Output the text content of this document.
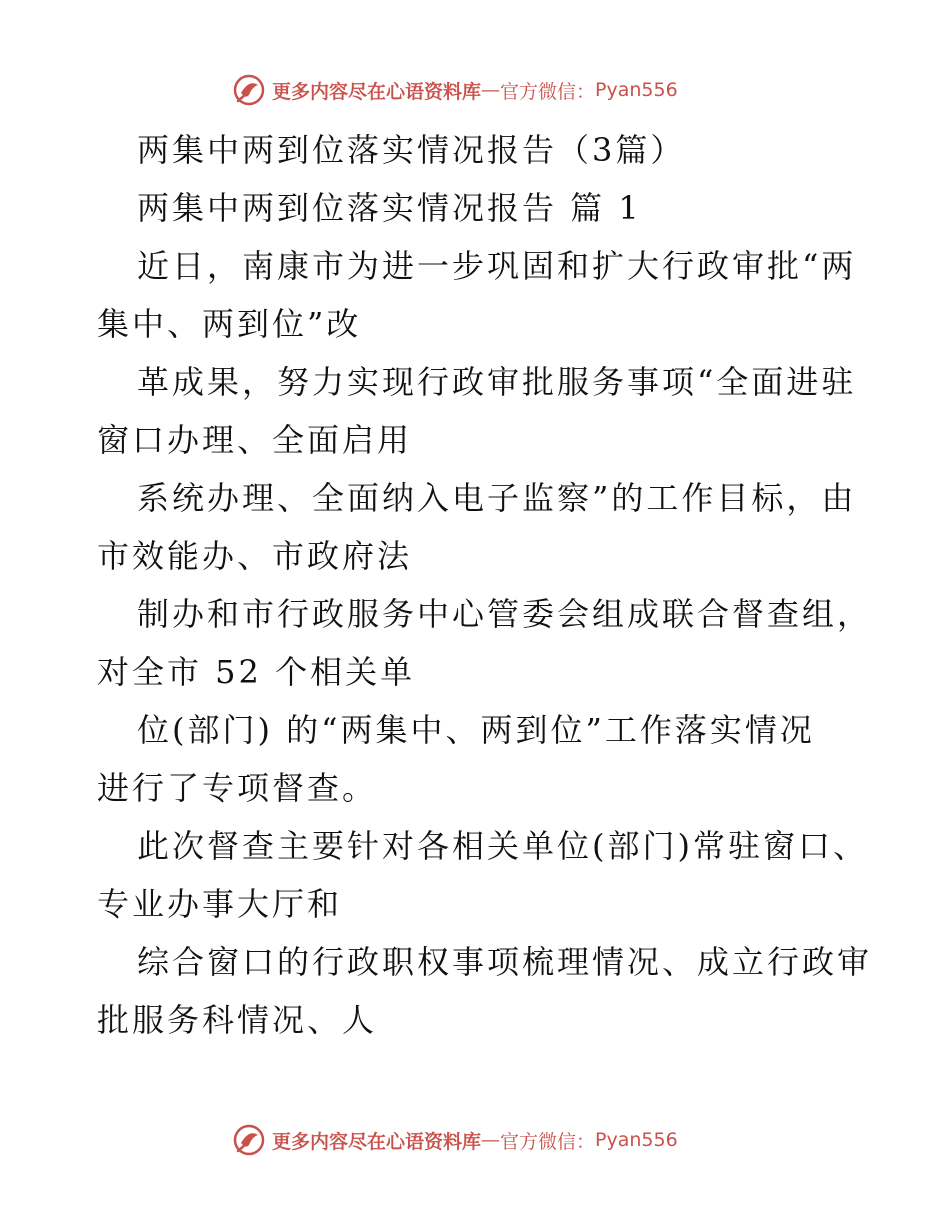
更多内容尽在心语资料库 — 官方微信： Pyan556
两集中两到位落实情况报告（3篇）
两集中两到位落实情况报告 篇 1
近日，南康市为进一步巩固和扩大行政审批“两
集中、两到位”改
革成果，努力实现行政审批服务事项“全面进驻
窗口办理、全面启用
系统办理、全面纳入电子监察”的工作目标，由
市效能办、市政府法
制办和市行政服务中心管委会组成联合督查组，
对全市 52 个相关单
位(部门) 的“两集中、两到位”工作落实情况
进行了专项督查。
此次督查主要针对各相关单位(部门)常驻窗口、
专业办事大厅和
综合窗口的行政职权事项梳理情况、成立行政审
批服务科情况、人
更多内容尽在心语资料库 — 官方微信： Pyan556
